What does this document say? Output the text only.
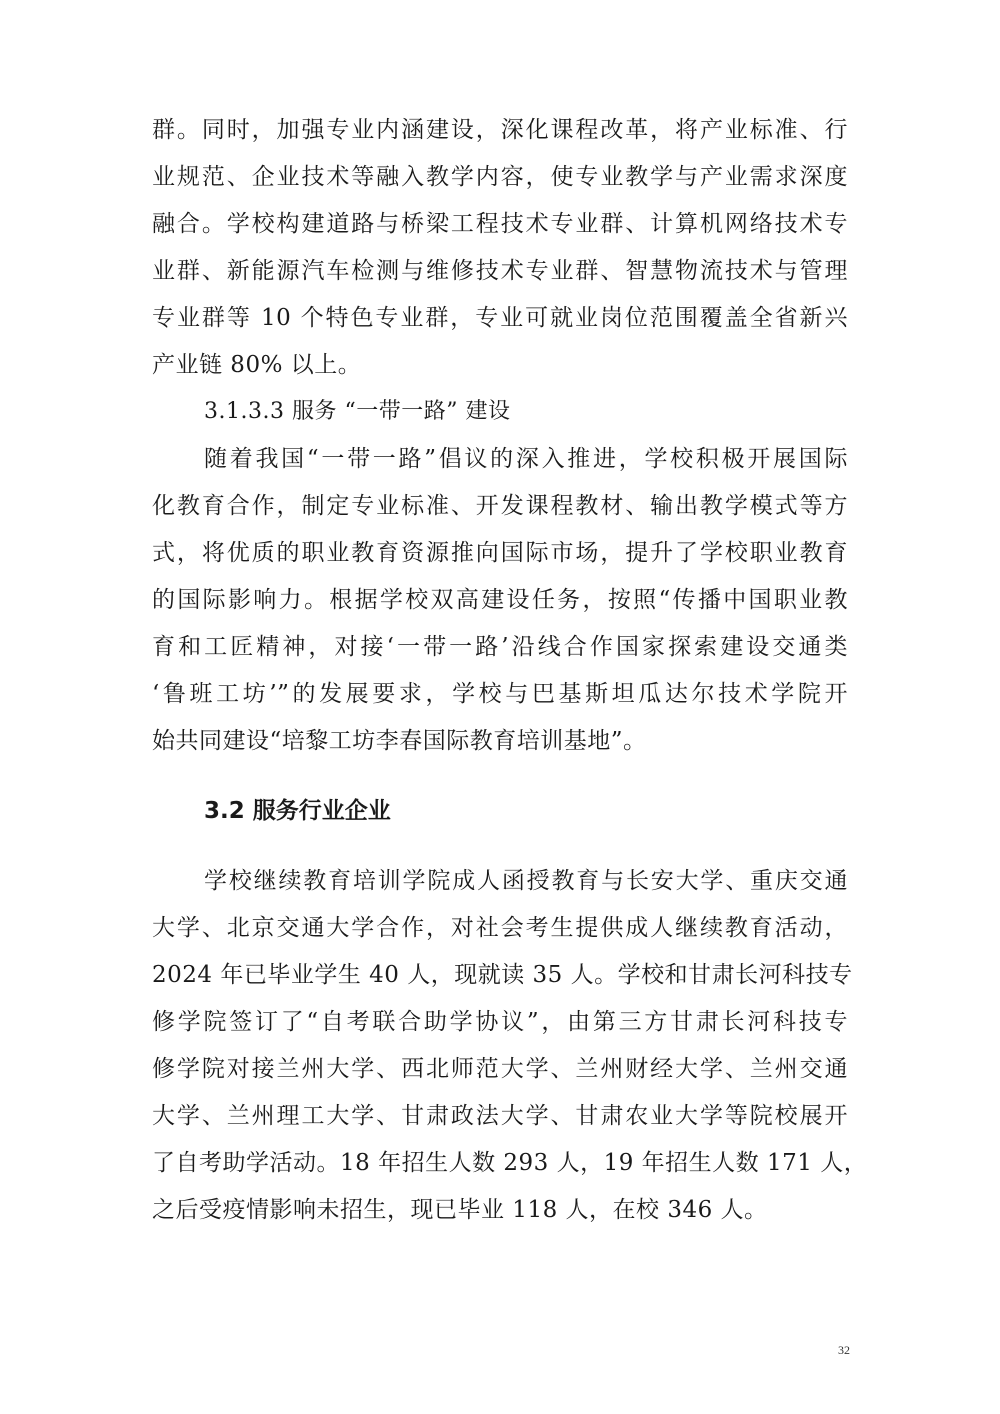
群。同时，加强专业内涵建设，深化课程改革，将产业标准、行
业规范、企业技术等融入教学内容，使专业教学与产业需求深度
融合。学校构建道路与桥梁工程技术专业群、计算机网络技术专
业群、新能源汽车检测与维修技术专业群、智慧物流技术与管理
专业群等 10 个特色专业群，专业可就业岗位范围覆盖全省新兴
产业链 80% 以上。
3.1.3.3 服务 “一带一路” 建设
随着我国“一带一路”倡议的深入推进，学校积极开展国际
化教育合作，制定专业标准、开发课程教材、输出教学模式等方
式，将优质的职业教育资源推向国际市场，提升了学校职业教育
的国际影响力。根据学校双高建设任务，按照“传播中国职业教
育和工匠精神，对接‘一带一路’沿线合作国家探索建设交通类
‘鲁班工坊’”的发展要求，学校与巴基斯坦瓜达尔技术学院开
始共同建设“培黎工坊李春国际教育培训基地”。
3.2 服务行业企业
学校继续教育培训学院成人函授教育与长安大学、重庆交通
大学、北京交通大学合作，对社会考生提供成人继续教育活动，
2024 年已毕业学生 40 人，现就读 35 人。学校和甘肃长河科技专
修学院签订了“自考联合助学协议”，由第三方甘肃长河科技专
修学院对接兰州大学、西北师范大学、兰州财经大学、兰州交通
大学、兰州理工大学、甘肃政法大学、甘肃农业大学等院校展开
了自考助学活动。18 年招生人数 293 人，19 年招生人数 171 人，
之后受疫情影响未招生，现已毕业 118 人，在校 346 人。
32
